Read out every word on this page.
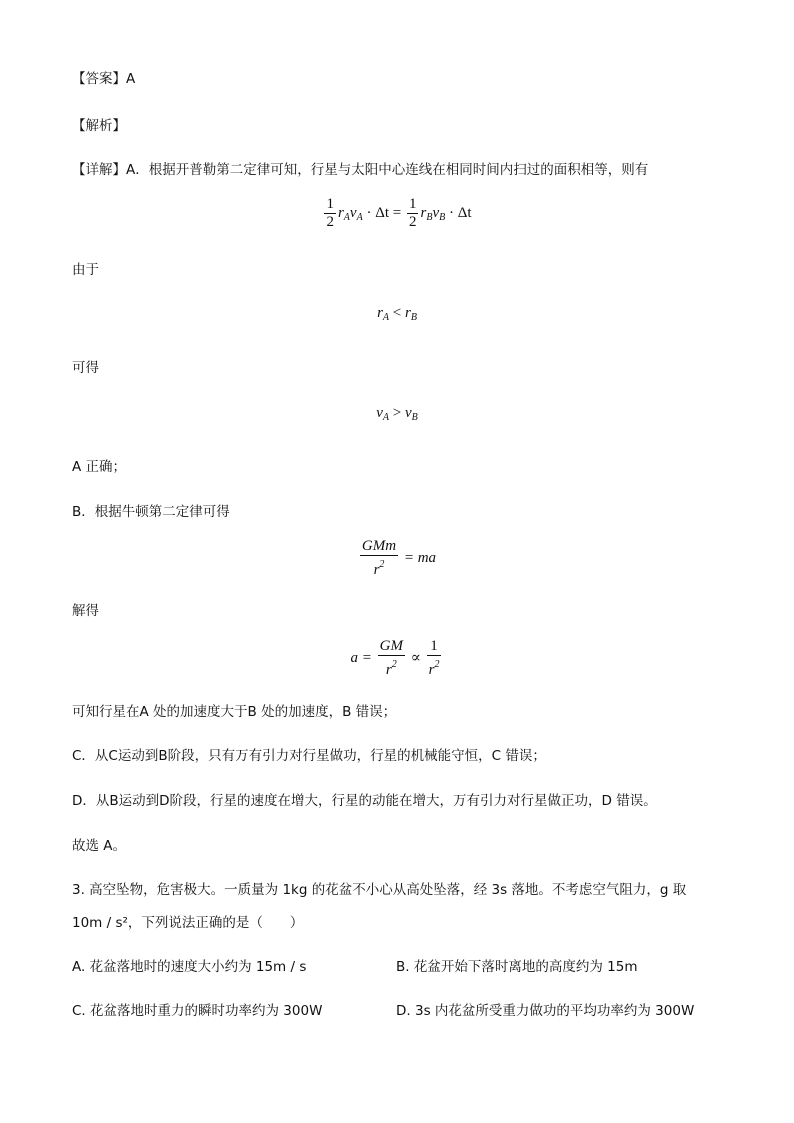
【答案】A
【解析】
【详解】A．根据开普勒第二定律可知，行星与太阳中心连线在相同时间内扫过的面积相等，则有
$\frac{1}{2} r_Av_A \cdot \Delta t = \frac{1}{2} r_Bv_B \cdot \Delta t$
由于
$r_A < r_B$
可得
$v_A > v_B$
A 正确；
B．根据牛顿第二定律可得
$\frac{\text{GMm}}{r^2}$ = ma
解得
$a = \frac{GM}{r^2} \propto \frac{1}{r^2}$
可知行星在A 处的加速度大于B 处的加速度，B 错误；
C．从C运动到B阶段，只有万有引力对行星做功，行星的机械能守恒，C 错误；
D．从B运动到D阶段，行星的速度在增大，行星的动能在增大，万有引力对行星做正功，D 错误。
故选 A。
3. 高空坠物，危害极大。一质量为 1kg 的花盆不小心从高处坠落，经 3s 落地。不考虑空气阻力，g 取
10m / s²，下列说法正确的是（　　）
A. 花盆落地时的速度大小约为 15m / s	B. 花盆开始下落时离地的高度约为 15m
C. 花盆落地时重力的瞬时功率约为 300W	D. 3s 内花盆所受重力做功的平均功率约为 300W
